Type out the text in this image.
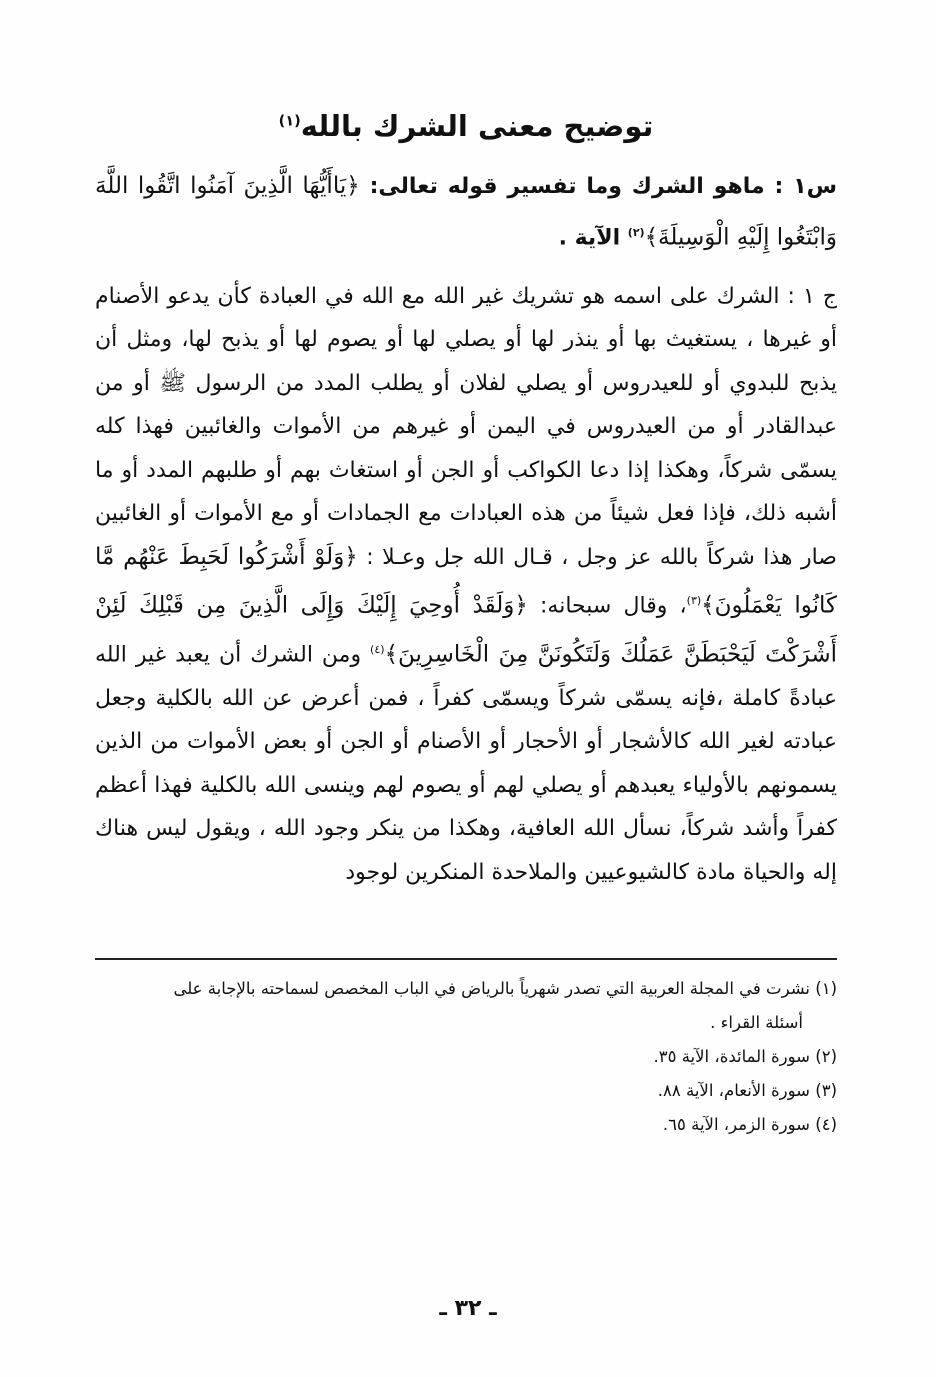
توضيح معنى الشرك بالله$^{(١)}$

س١ : ماهو الشرك وما تفسير قوله تعالى: ﴿يَاأَيُّهَا الَّذِينَ آمَنُوا اتَّقُوا اللَّهَ وَابْتَغُوا إِلَيْهِ الْوَسِيلَةَ﴾$^{(٢)}$ الآية .

ج ١ : الشرك على اسمه هو تشريك غير الله مع الله في العبادة كأن يدعو الأصنام أو غيرها ، يستغيث بها أو ينذر لها أو يصلي لها أو يصوم لها أو يذبح لها، ومثل أن يذبح للبدوي أو للعيدروس أو يصلي لفلان أو يطلب المدد من الرسول ﷺ أو من عبدالقادر أو من العيدروس في اليمن أو غيرهم من الأموات والغائبين فهذا كله يسمّى شركاً، وهكذا إذا دعا الكواكب أو الجن أو استغاث بهم أو طلبهم المدد أو ما أشبه ذلك، فإذا فعل شيئاً من هذه العبادات مع الجمادات أو مع الأموات أو الغائبين صار هذا شركاً بالله عز وجل ، قـال الله جل وعـلا : ﴿وَلَوْ أَشْرَكُوا لَحَبِطَ عَنْهُم مَّا كَانُوا يَعْمَلُونَ﴾$^{(٣)}$، وقال سبحانه: ﴿وَلَقَدْ أُوحِيَ إِلَيْكَ وَإِلَى الَّذِينَ مِن قَبْلِكَ لَئِنْ أَشْرَكْتَ لَيَحْبَطَنَّ عَمَلُكَ وَلَتَكُونَنَّ مِنَ الْخَاسِرِينَ﴾$^{(٤)}$ ومن الشرك أن يعبد غير الله عبادةً كاملة ،فإنه يسمّى شركاً ويسمّى كفراً ، فمن أعرض عن الله بالكلية وجعل عبادته لغير الله كالأشجار أو الأحجار أو الأصنام أو الجن أو بعض الأموات من الذين يسمونهم بالأولياء يعبدهم أو يصلي لهم أو يصوم لهم وينسى الله بالكلية فهذا أعظم كفراً وأشد شركاً، نسأل الله العافية، وهكذا من ينكر وجود الله ، ويقول ليس هناك إله والحياة مادة كالشيوعيين والملاحدة المنكرين لوجود

(١) نشرت في المجلة العربية التي تصدر شهرياً بالرياض في الباب المخصص لسماحته بالإجابة على

أسئلة القراء .

(٢) سورة المائدة، الآية ٣٥.

(٣) سورة الأنعام، الآية ٨٨.

(٤) سورة الزمر، الآية ٦٥.

ـ ٣٢ ـ
